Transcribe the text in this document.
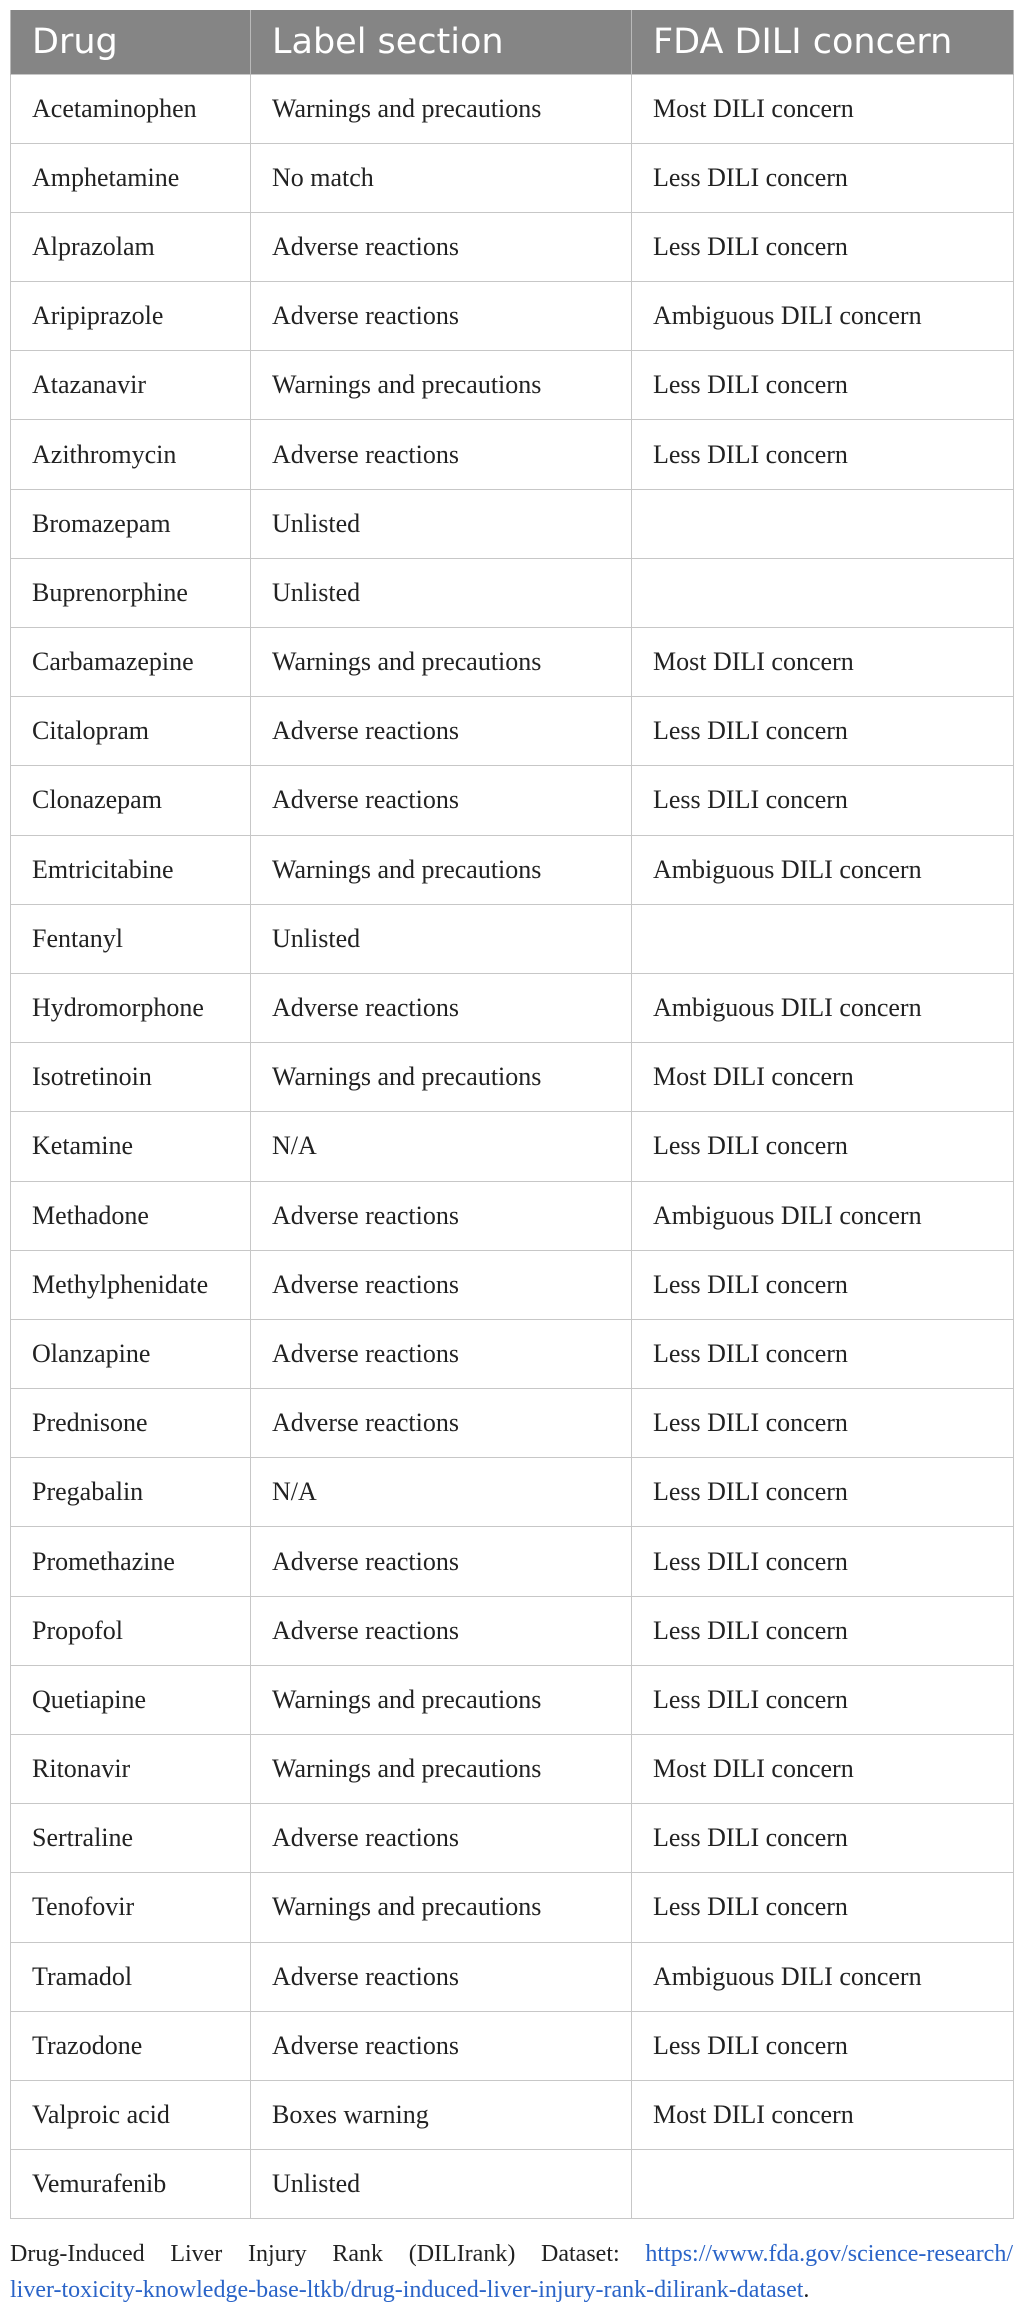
Drug	Label section	FDA DILI concern
Acetaminophen	Warnings and precautions	Most DILI concern
Amphetamine	No match	Less DILI concern
Alprazolam	Adverse reactions	Less DILI concern
Aripiprazole	Adverse reactions	Ambiguous DILI concern
Atazanavir	Warnings and precautions	Less DILI concern
Azithromycin	Adverse reactions	Less DILI concern
Bromazepam	Unlisted	
Buprenorphine	Unlisted	
Carbamazepine	Warnings and precautions	Most DILI concern
Citalopram	Adverse reactions	Less DILI concern
Clonazepam	Adverse reactions	Less DILI concern
Emtricitabine	Warnings and precautions	Ambiguous DILI concern
Fentanyl	Unlisted	
Hydromorphone	Adverse reactions	Ambiguous DILI concern
Isotretinoin	Warnings and precautions	Most DILI concern
Ketamine	N/A	Less DILI concern
Methadone	Adverse reactions	Ambiguous DILI concern
Methylphenidate	Adverse reactions	Less DILI concern
Olanzapine	Adverse reactions	Less DILI concern
Prednisone	Adverse reactions	Less DILI concern
Pregabalin	N/A	Less DILI concern
Promethazine	Adverse reactions	Less DILI concern
Propofol	Adverse reactions	Less DILI concern
Quetiapine	Warnings and precautions	Less DILI concern
Ritonavir	Warnings and precautions	Most DILI concern
Sertraline	Adverse reactions	Less DILI concern
Tenofovir	Warnings and precautions	Less DILI concern
Tramadol	Adverse reactions	Ambiguous DILI concern
Trazodone	Adverse reactions	Less DILI concern
Valproic acid	Boxes warning	Most DILI concern
Vemurafenib	Unlisted	
Drug-Induced Liver Injury Rank (DILIrank) Dataset: https://www.fda.gov/science-research/
liver-toxicity-knowledge-base-ltkb/drug-induced-liver-injury-rank-dilirank-dataset.
